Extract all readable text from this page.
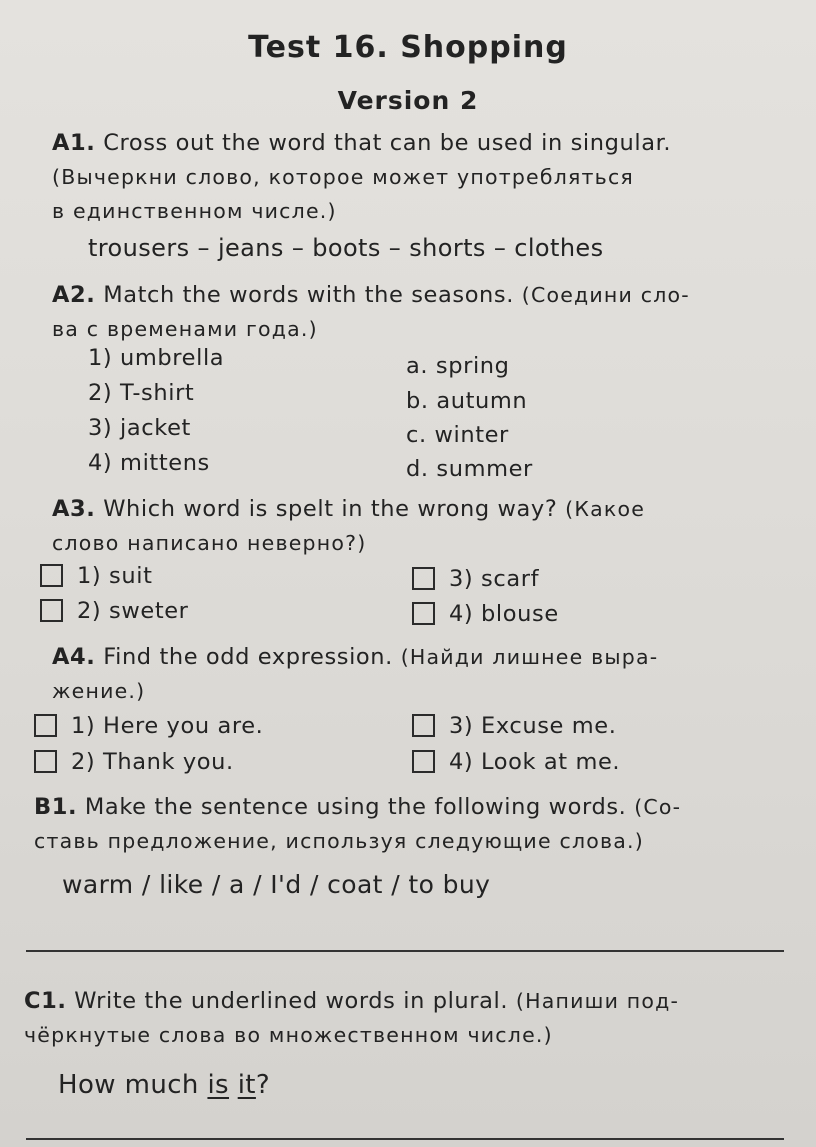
Test 16. Shopping
Version 2
A1. Cross out the word that can be used in singular.
(Вычеркни слово, которое может употребляться
в единственном числе.)
trousers – jeans – boots – shorts – clothes
A2. Match the words with the seasons. (Соедини сло-
ва с временами года.)
1) umbrella
2) T-shirt
3) jacket
4) mittens
a. spring
b. autumn
c. winter
d. summer
A3. Which word is spelt in the wrong way? (Какое
слово написано неверно?)
1) suit
2) sweter
3) scarf
4) blouse
A4. Find the odd expression. (Найди лишнее выра-
жение.)
1) Here you are.
2) Thank you.
3) Excuse me.
4) Look at me.
B1. Make the sentence using the following words. (Со-
ставь предложение, используя следующие слова.)
warm / like / a / I'd / coat / to buy
C1. Write the underlined words in plural. (Напиши под-
чёркнутые слова во множественном числе.)
How much is it?
